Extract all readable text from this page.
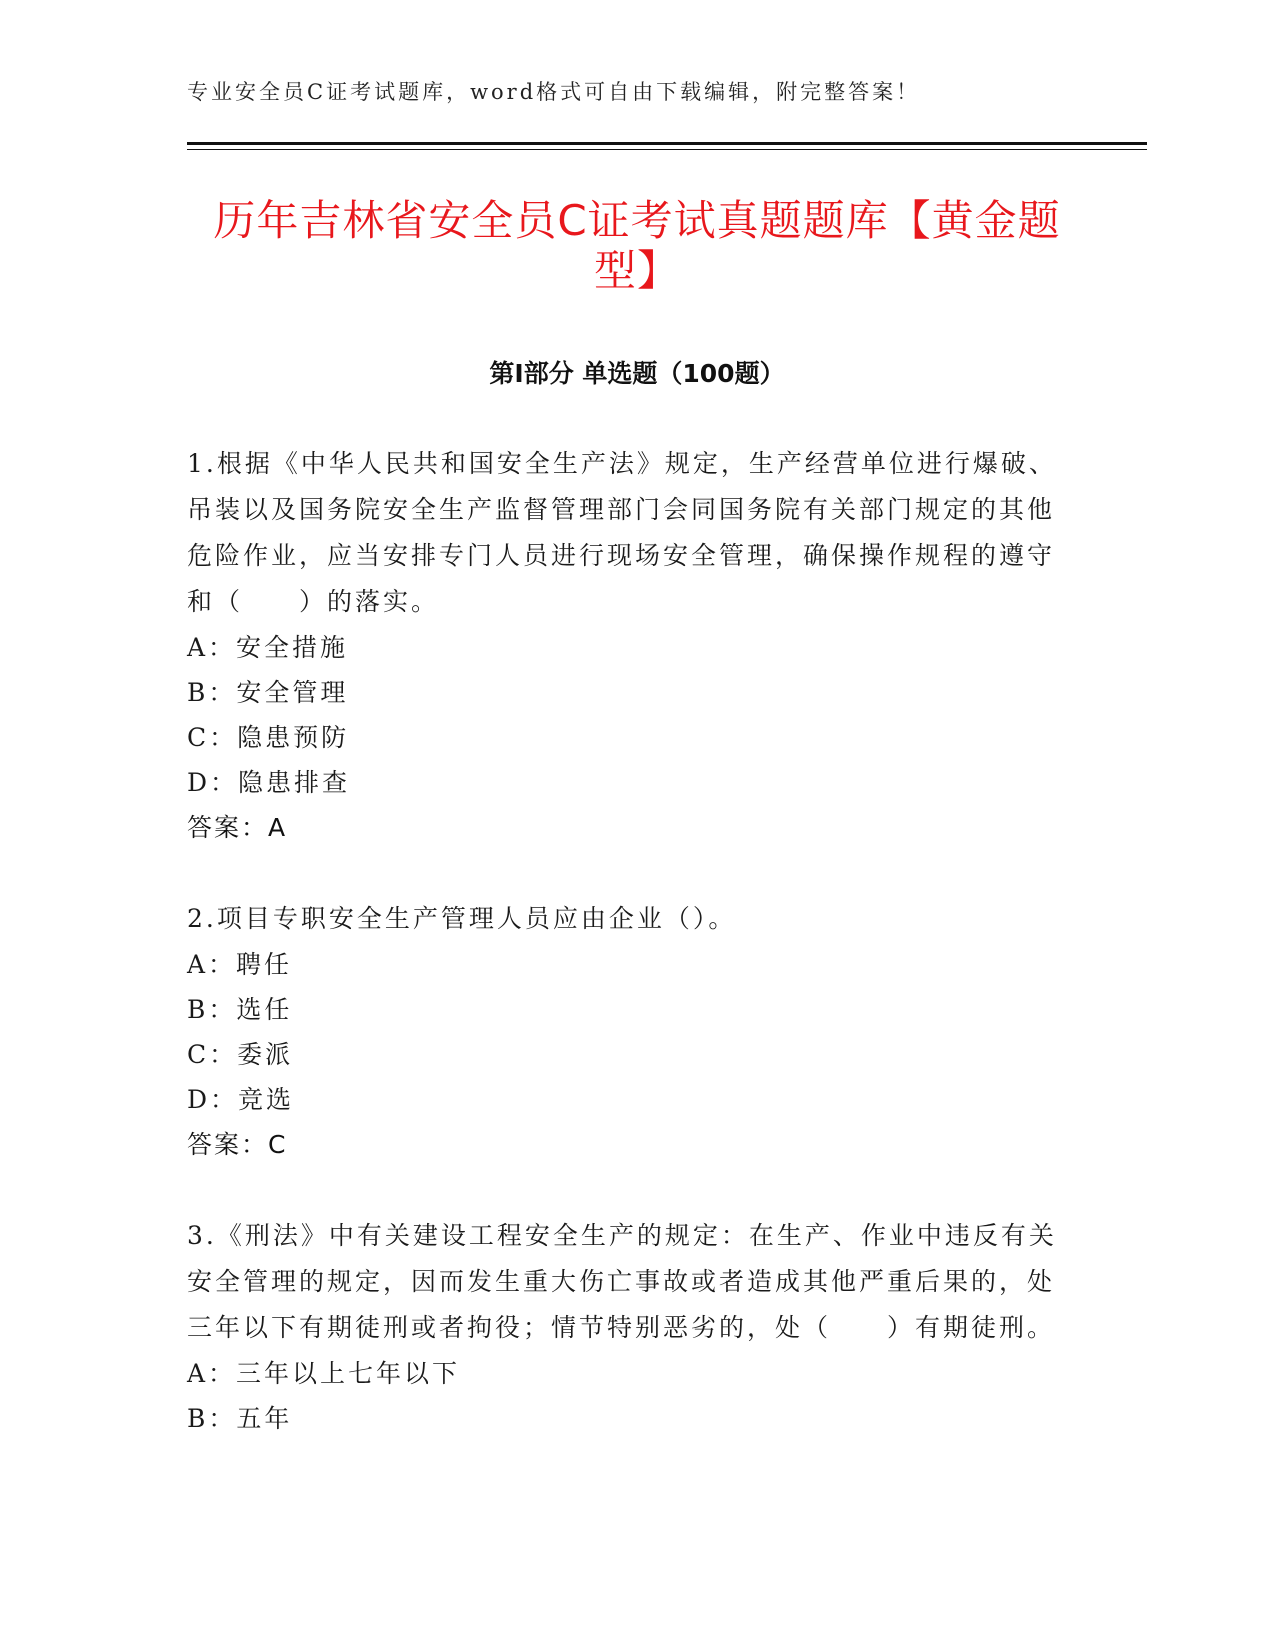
专业安全员C证考试题库，word格式可自由下载编辑，附完整答案！
历年吉林省安全员C证考试真题题库【黄金题型】
第Ⅰ部分 单选题（100题）

1.根据《中华人民共和国安全生产法》规定，生产经营单位进行爆破、吊装以及国务院安全生产监督管理部门会同国务院有关部门规定的其他危险作业，应当安排专门人员进行现场安全管理，确保操作规程的遵守和（　　）的落实。

A：安全措施

B：安全管理

C：隐患预防

D：隐患排查

答案：A

2.项目专职安全生产管理人员应由企业（）。

A：聘任

B：选任

C：委派

D：竞选

答案：C

3.《刑法》中有关建设工程安全生产的规定：在生产、作业中违反有关安全管理的规定，因而发生重大伤亡事故或者造成其他严重后果的，处三年以下有期徒刑或者拘役；情节特别恶劣的，处（　　）有期徒刑。

A：三年以上七年以下

B：五年
